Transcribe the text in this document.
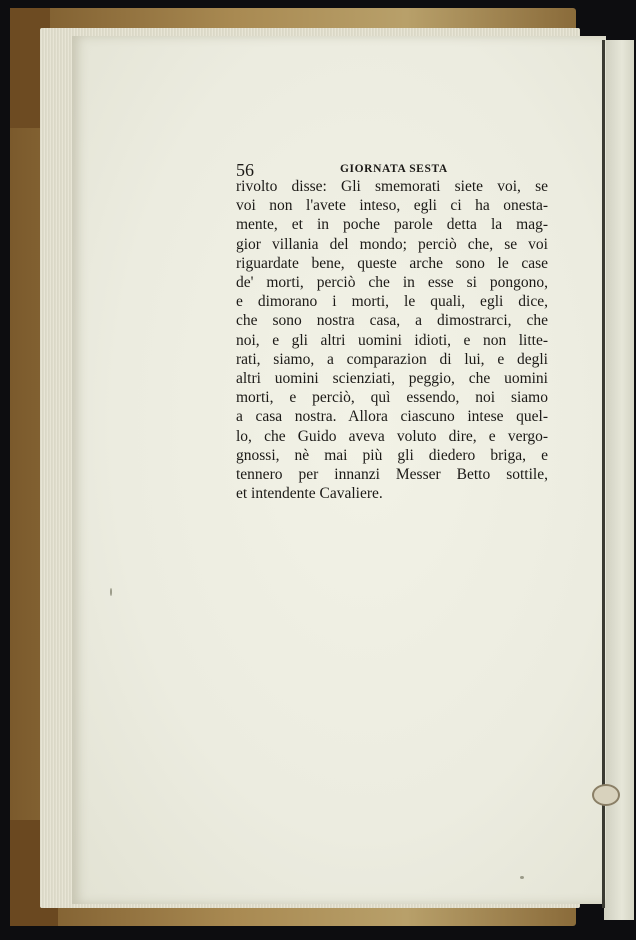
56	GIORNATA SESTA
rivolto disse: Gli smemorati siete voi, se
voi non l'avete inteso, egli ci ha onesta-
mente, et in poche parole detta la mag-
gior villania del mondo; perciò che, se voi
riguardate bene, queste arche sono le case
de' morti, perciò che in esse si pongono,
e dimorano i morti, le quali, egli dice,
che sono nostra casa, a dimostrarci, che
noi, e gli altri uomini idioti, e non litte-
rati, siamo, a comparazion di lui, e degli
altri uomini scienziati, peggio, che uomini
morti, e perciò, quì essendo, noi siamo
a casa nostra. Allora ciascuno intese quel-
lo, che Guido aveva voluto dire, e vergo-
gnossi, nè mai più gli diedero briga, e
tennero per innanzi Messer Betto sottile,
et intendente Cavaliere.
